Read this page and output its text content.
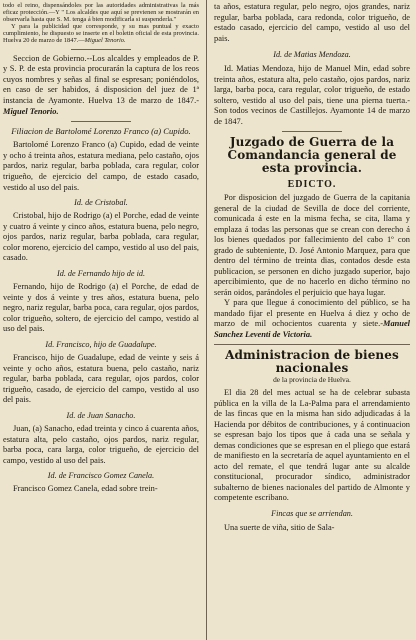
todo el reino, dispensándoles por las autoridades administrativas la más eficaz protección.—Y " Los alcaldes que aquí se previenen se mostrarán en observarla hasta que S. M. tenga á bien modificarla si suspenderla."

Y para la publicidad que corresponde, y su mas puntual y exacto cumplimiento, he dispuesto se inserte en el boletin oficial de esta provincia. Huelva 20 de marzo de 1847.—Miguel Tenorio.

Seccion de Gobierno.--Los alcaldes y empleados de P. y S. P. de esta provincia procurarán la captura de los reos cuyos nombres y señas al final se espresan; poniéndolos, en caso de ser habidos, á disposicion del juez de 1ª instancia de Ayamonte. Huelva 13 de marzo de 1847.-Miguel Tenorio.

Filiacion de Bartolomé Lorenzo Franco (a) Cupido.

Bartolomé Lorenzo Franco (a) Cupido, edad de veinte y ocho á treinta años, estatura mediana, pelo castaño, ojos pardos, nariz regular, barba poblada, cara regular, color trigueño, de ejercicio del campo, de estado casado, vestido al uso del pais.

Id. de Cristobal.

Cristobal, hijo de Rodrigo (a) el Porche, edad de veinte y cuatro á veinte y cinco años, estatura buena, pelo negro, ojos pardos, nariz regular, barba poblada, cara regular, color moreno, ejercicio del campo, vestido al uso del pais, casado.

Id. de Fernando hijo de id.

Fernando, hijo de Rodrigo (a) el Porche, de edad de veinte y dos á veinte y tres años, estatura buena, pelo negro, nariz regular, barba poca, cara regular, ojos pardos, color trigueño, soltero, de ejercicio del campo, vestido al uso del pais.

Id. Francisco, hijo de Guadalupe.

Francisco, hijo de Guadalupe, edad de veinte y seis á veinte y ocho años, estatura buena, pelo castaño, nariz regular, barba poblada, cara regular, ojos pardos, color trigueño, casado, de ejercicio del campo, vestido al uso del pais.

Id. de Juan Sanacho.

Juan, (a) Sanacho, edad treinta y cinco á cuarenta años, estatura alta, pelo castaño, ojos pardos, nariz regular, barba poca, cara larga, color trigueño, de ejercicio del campo, vestido al uso del pais.

Id. de Francisco Gomez Canela.

Francisco Gomez Canela, edad sobre trein-

ta años, estatura regular, pelo negro, ojos grandes, nariz regular, barba poblada, cara redonda, color trigueño, de estado casado, ejercicio del campo, vestido al uso del pais.

Id. de Matias Mendoza.

Id. Matias Mendoza, hijo de Manuel Min, edad sobre treinta años, estatura alta, pelo castaño, ojos pardos, nariz larga, barba poca, cara regular, color trigueño, de estado soltero, vestido al uso del pais, tiene una pierna tuerta.-Son todos vecinos de Castillejos. Ayamonte 14 de marzo de 1847.

Juzgado de Guerra de la Comandancia general de esta provincia.

EDICTO.

Por disposicion del juzgado de Guerra de la capitania general de la ciudad de Sevilla de doce del corriente, comunicada á este en la misma fecha, se cita, llama y emplaza á todas las personas que se crean con derecho á los bienes quedados por fallecimiento del cabo 1º con grado de subteniente, D. José Antonio Marquez, para que dentro del término de treinta dias, contados desde esta publicacion, se personen en dicho juzgado superior, bajo apercibimiento, que de no hacerlo en dicho término no serán oidos, parándoles el perjuicio que haya lugar.

Y para que llegue á conocimiento del público, se ha mandado fijar el presente en Huelva á diez y ocho de marzo de mil ochocientos cuarenta y siete.-Manuel Sanchez Leventi de Victoria.

Administracion de bienes nacionales

de la provincia de Huelva.

El dia 28 del mes actual se ha de celebrar subasta pública en la villa de la La-Palma para el arrendamiento de las fincas que en la misma han sido adjudicadas á la Hacienda por débitos de contribuciones, y á continuacion se espresan bajo los tipos que á cada una se señala y demas condiciones que se espresan en el pliego que estará de manifiesto en la secretaría de aquel ayuntamiento en el acto del remate, el que tendrá lugar ante su alcalde constitucional, procurador síndico, administrador subalterno de bienes nacionales del partido de Almonte y competente escribano.

Fincas que se arriendan.

Una suerte de viña, sitio de Sala-
